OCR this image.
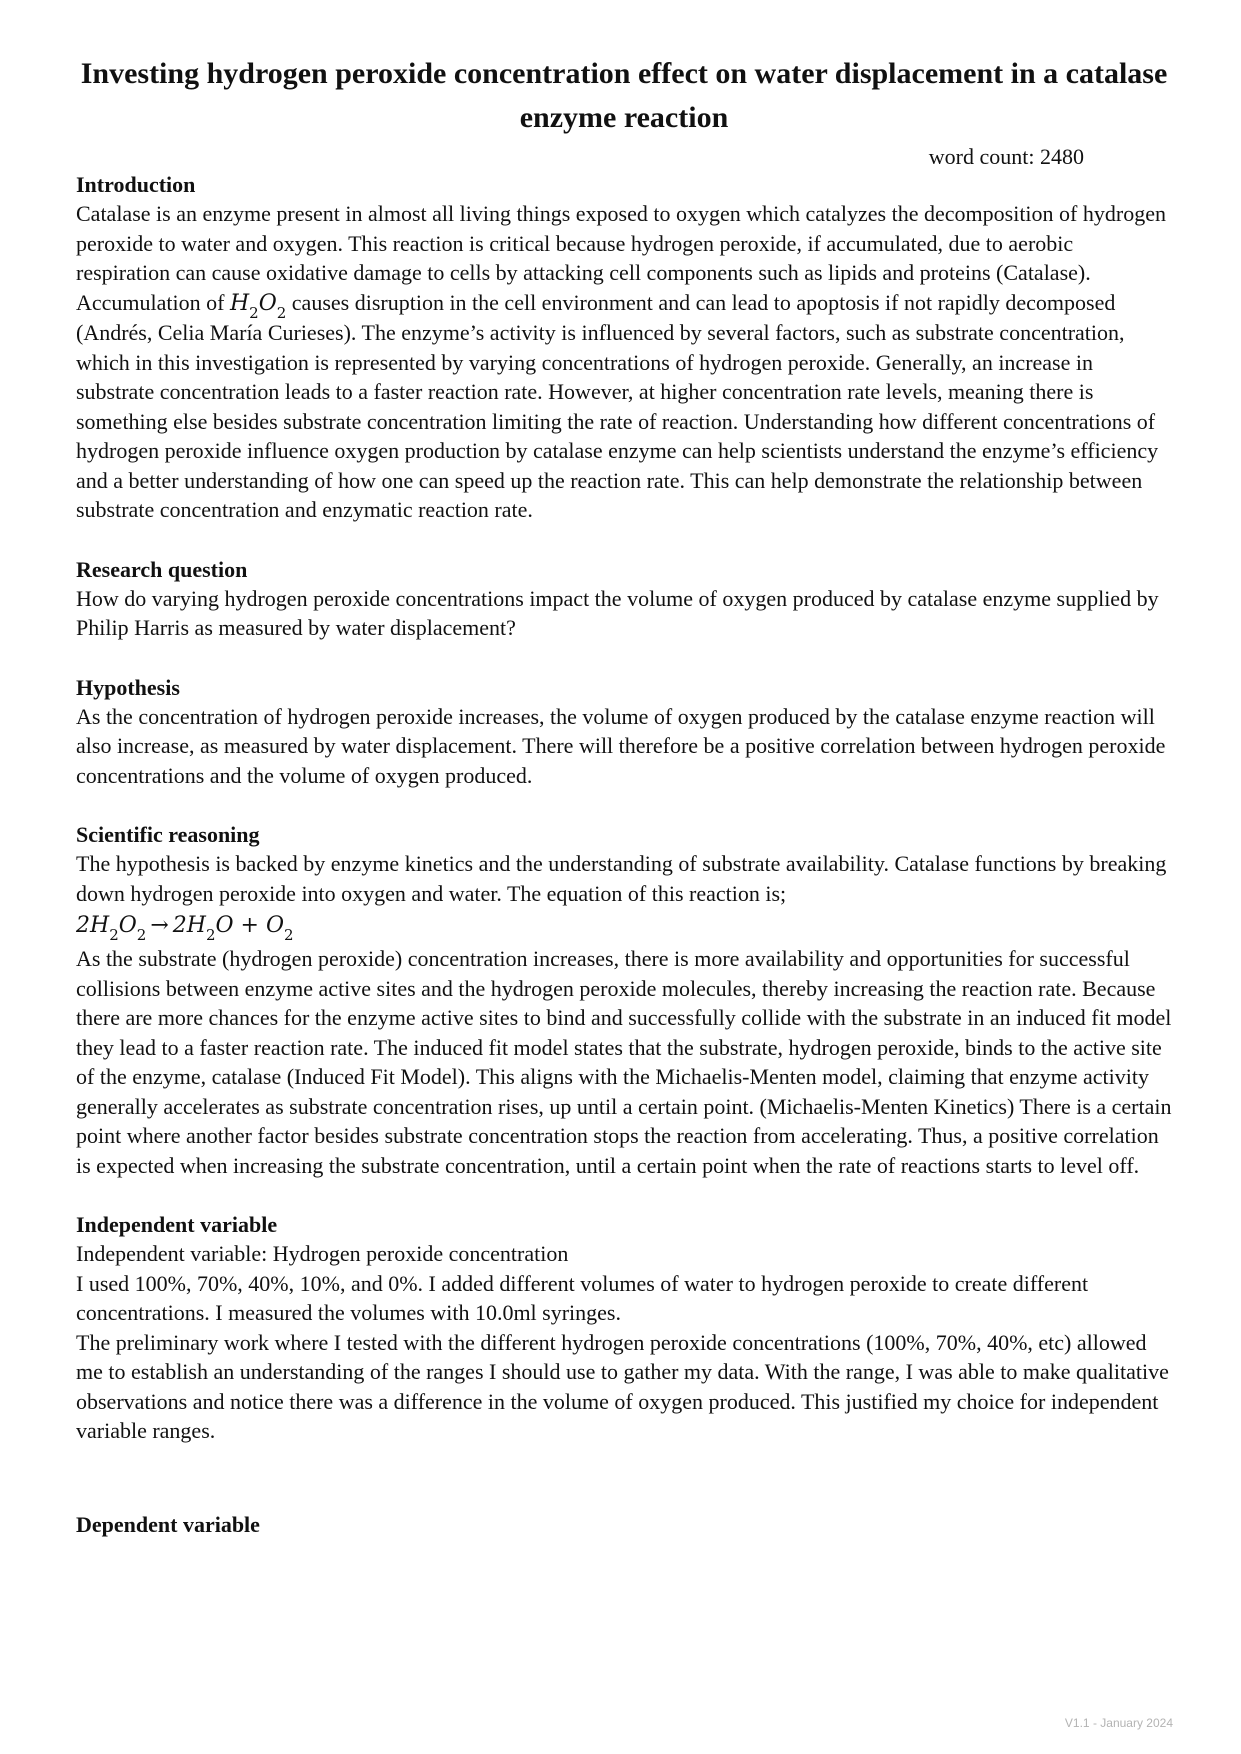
Investing hydrogen peroxide concentration effect on water displacement in a catalase enzyme reaction
word count: 2480
Introduction

Catalase is an enzyme present in almost all living things exposed to oxygen which catalyzes the decomposition of hydrogen peroxide to water and oxygen. This reaction is critical because hydrogen peroxide, if accumulated, due to aerobic respiration can cause oxidative damage to cells by attacking cell components such as lipids and proteins (Catalase). Accumulation of $H_2O_2$ causes disruption in the cell environment and can lead to apoptosis if not rapidly decomposed (Andrés, Celia María Curieses). The enzyme’s activity is influenced by several factors, such as substrate concentration, which in this investigation is represented by varying concentrations of hydrogen peroxide. Generally, an increase in substrate concentration leads to a faster reaction rate. However, at higher concentration rate levels, meaning there is something else besides substrate concentration limiting the rate of reaction. Understanding how different concentrations of hydrogen peroxide influence oxygen production by catalase enzyme can help scientists understand the enzyme’s efficiency and a better understanding of how one can speed up the reaction rate. This can help demonstrate the relationship between substrate concentration and enzymatic reaction rate.

Research question

How do varying hydrogen peroxide concentrations impact the volume of oxygen produced by catalase enzyme supplied by Philip Harris as measured by water displacement?

Hypothesis

As the concentration of hydrogen peroxide increases, the volume of oxygen produced by the catalase enzyme reaction will also increase, as measured by water displacement. There will therefore be a positive correlation between hydrogen peroxide concentrations and the volume of oxygen produced.

Scientific reasoning

The hypothesis is backed by enzyme kinetics and the understanding of substrate availability. Catalase functions by breaking down hydrogen peroxide into oxygen and water. The equation of this reaction is;

$2H_2O_2 \to 2H_2O + O_2$

As the substrate (hydrogen peroxide) concentration increases, there is more availability and opportunities for successful collisions between enzyme active sites and the hydrogen peroxide molecules, thereby increasing the reaction rate. Because there are more chances for the enzyme active sites to bind and successfully collide with the substrate in an induced fit model they lead to a faster reaction rate. The induced fit model states that the substrate, hydrogen peroxide, binds to the active site of the enzyme, catalase (Induced Fit Model). This aligns with the Michaelis-Menten model, claiming that enzyme activity generally accelerates as substrate concentration rises, up until a certain point. (Michaelis-Menten Kinetics) There is a certain point where another factor besides substrate concentration stops the reaction from accelerating. Thus, a positive correlation is expected when increasing the substrate concentration, until a certain point when the rate of reactions starts to level off.

Independent variable

Independent variable: Hydrogen peroxide concentration

I used 100%, 70%, 40%, 10%, and 0%. I added different volumes of water to hydrogen peroxide to create different concentrations. I measured the volumes with 10.0ml syringes.

The preliminary work where I tested with the different hydrogen peroxide concentrations (100%, 70%, 40%, etc) allowed me to establish an understanding of the ranges I should use to gather my data. With the range, I was able to make qualitative observations and notice there was a difference in the volume of oxygen produced. This justified my choice for independent variable ranges.

Dependent variable
V1.1 - January 2024
